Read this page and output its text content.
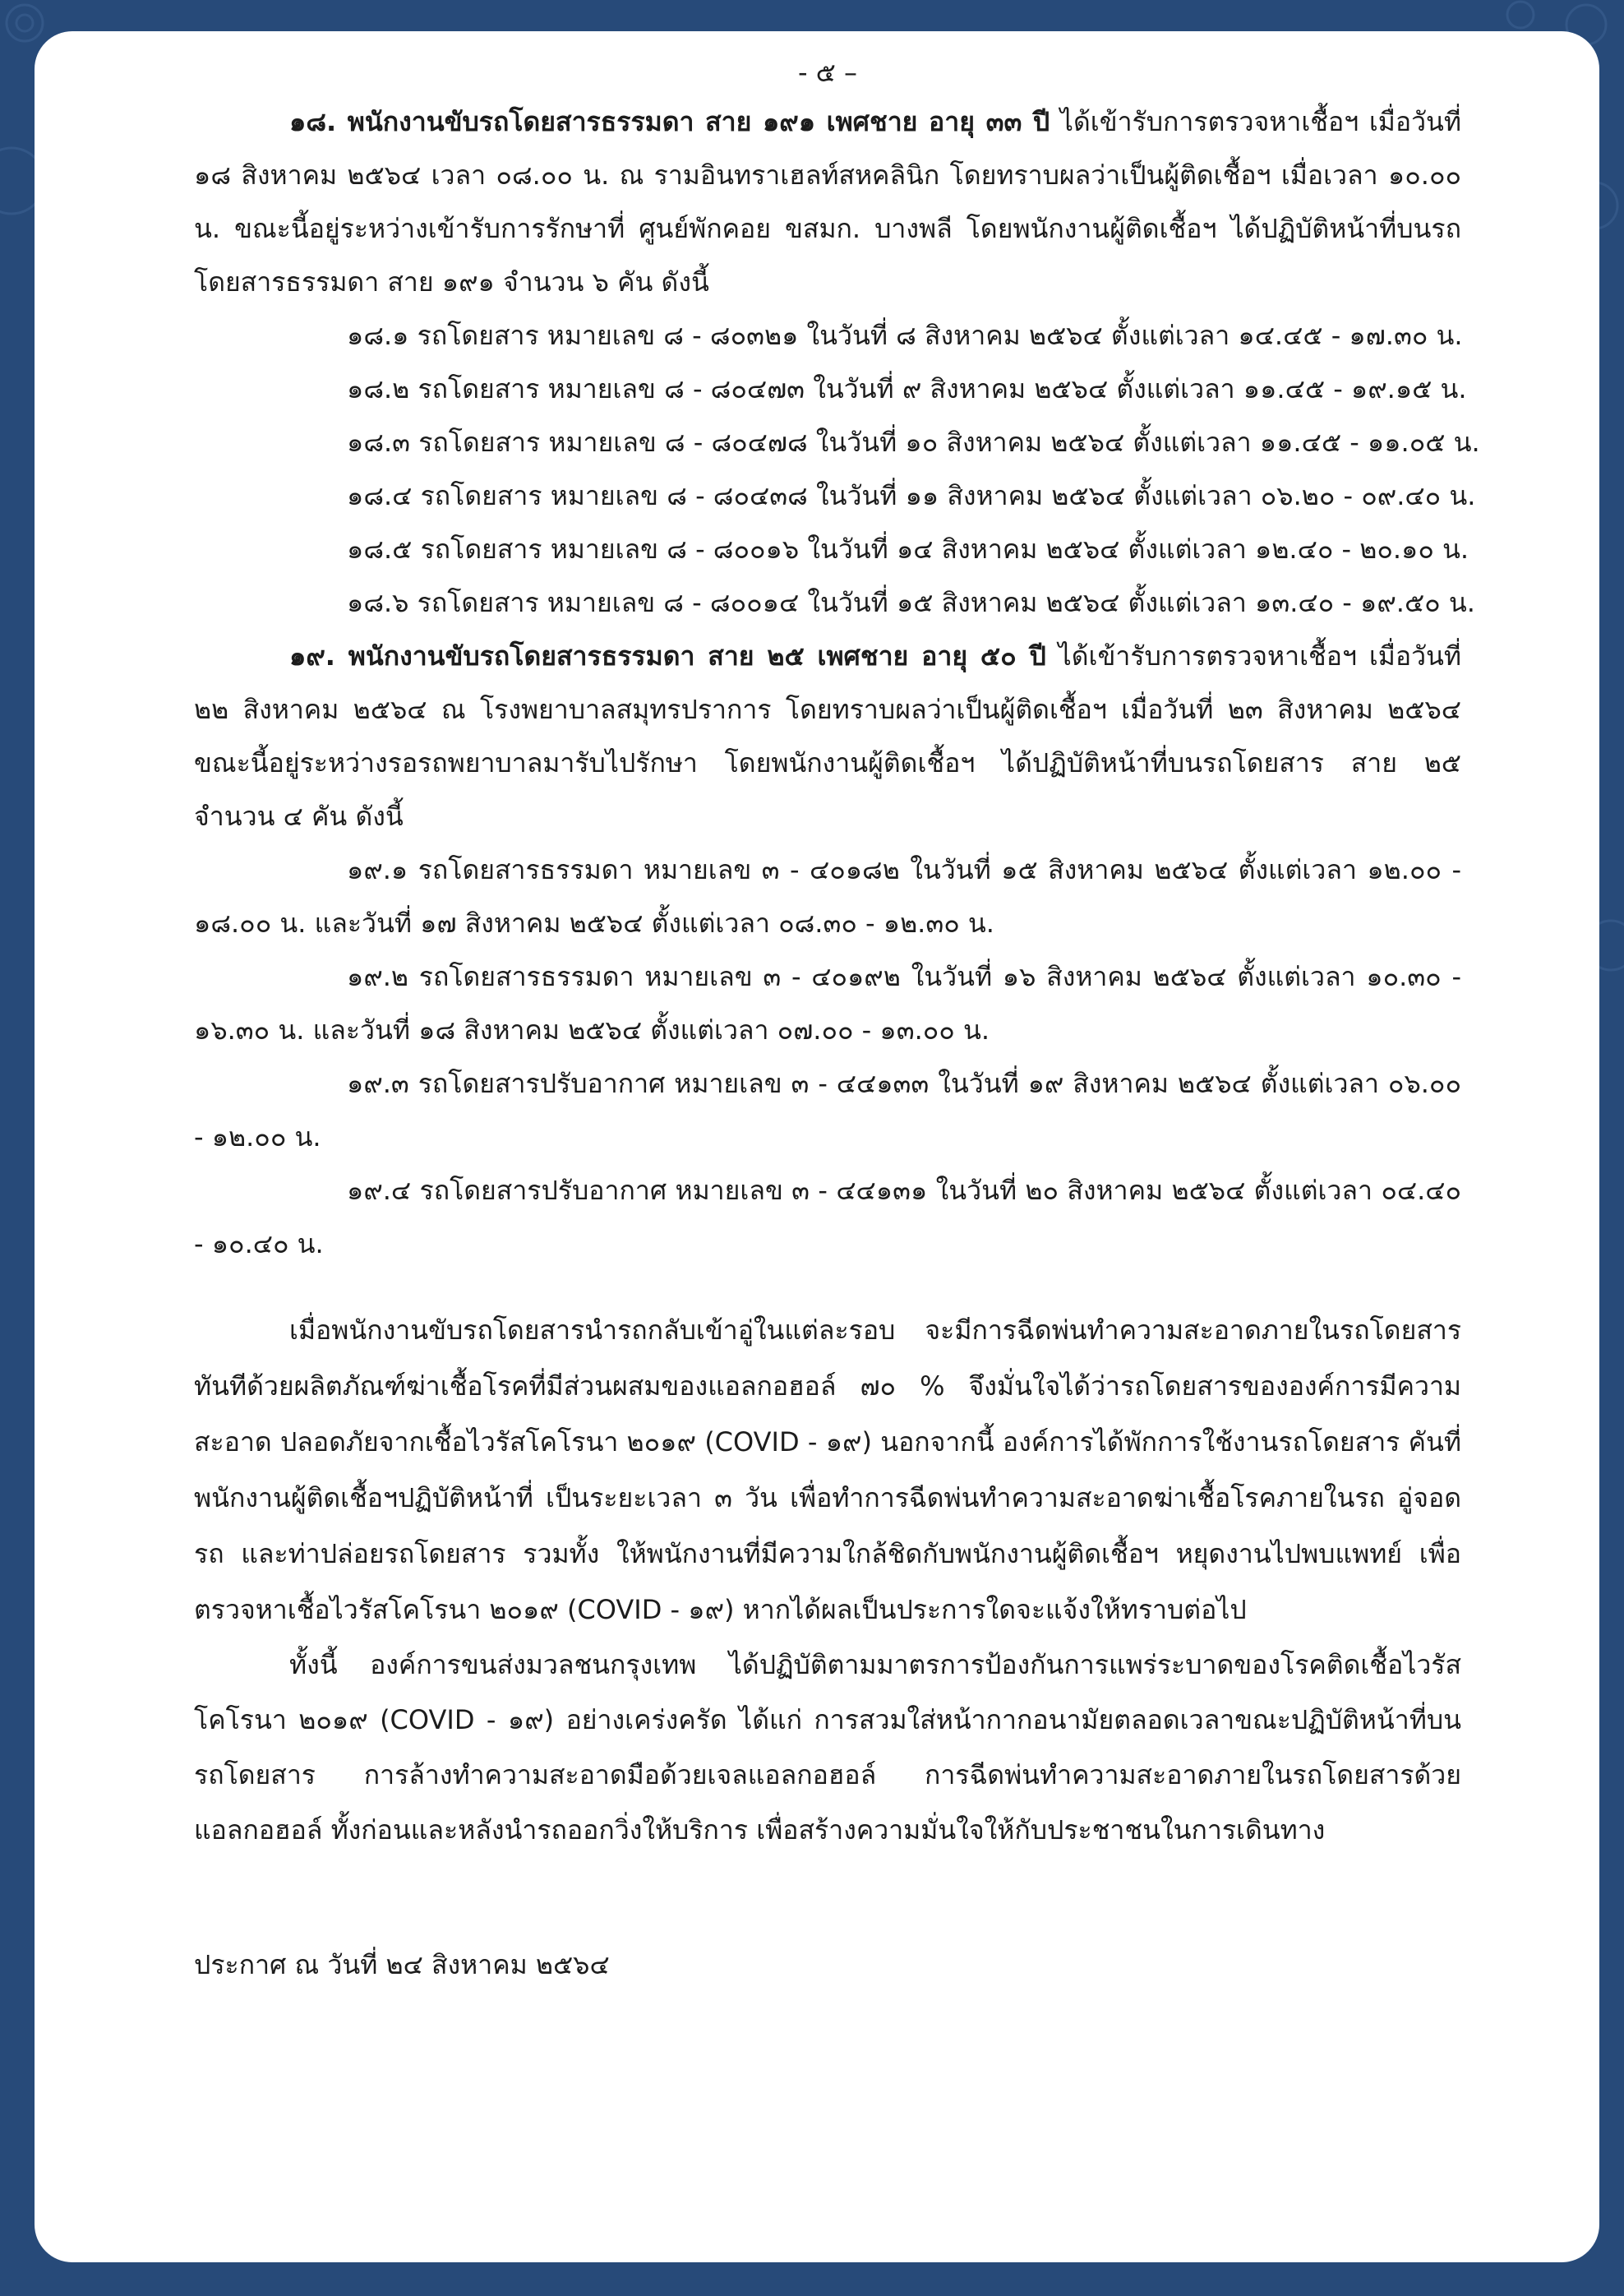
- ๕ –

๑๘. พนักงานขับรถโดยสารธรรมดา สาย ๑๙๑ เพศชาย อายุ ๓๓ ปี ได้เข้ารับการตรวจหาเชื้อฯ เมื่อวันที่ ๑๘ สิงหาคม ๒๕๖๔ เวลา ๐๘.๐๐ น. ณ รามอินทราเฮลท์สหคลินิก โดยทราบผลว่าเป็นผู้ติดเชื้อฯ เมื่อเวลา ๑๐.๐๐ น. ขณะนี้อยู่ระหว่างเข้ารับการรักษาที่ ศูนย์พักคอย ขสมก. บางพลี โดยพนักงานผู้ติดเชื้อฯ ได้ปฏิบัติหน้าที่บนรถโดยสารธรรมดา สาย ๑๙๑ จำนวน ๖ คัน ดังนี้

๑๘.๑ รถโดยสาร หมายเลข ๘ - ๘๐๓๒๑ ในวันที่ ๘ สิงหาคม ๒๕๖๔ ตั้งแต่เวลา ๑๔.๔๕ - ๑๗.๓๐ น.

๑๘.๒ รถโดยสาร หมายเลข ๘ - ๘๐๔๗๓ ในวันที่ ๙ สิงหาคม ๒๕๖๔ ตั้งแต่เวลา ๑๑.๔๕ - ๑๙.๑๕ น.

๑๘.๓ รถโดยสาร หมายเลข ๘ - ๘๐๔๗๘ ในวันที่ ๑๐ สิงหาคม ๒๕๖๔ ตั้งแต่เวลา ๑๑.๔๕ - ๑๑.๐๕ น.

๑๘.๔ รถโดยสาร หมายเลข ๘ - ๘๐๔๓๘ ในวันที่ ๑๑ สิงหาคม ๒๕๖๔ ตั้งแต่เวลา ๐๖.๒๐ - ๐๙.๔๐ น.

๑๘.๕ รถโดยสาร หมายเลข ๘ - ๘๐๐๑๖ ในวันที่ ๑๔ สิงหาคม ๒๕๖๔ ตั้งแต่เวลา ๑๒.๔๐ - ๒๐.๑๐ น.

๑๘.๖ รถโดยสาร หมายเลข ๘ - ๘๐๐๑๔ ในวันที่ ๑๕ สิงหาคม ๒๕๖๔ ตั้งแต่เวลา ๑๓.๔๐ - ๑๙.๕๐ น.

๑๙. พนักงานขับรถโดยสารธรรมดา สาย ๒๕ เพศชาย อายุ ๕๐ ปี ได้เข้ารับการตรวจหาเชื้อฯ เมื่อวันที่ ๒๒ สิงหาคม ๒๕๖๔ ณ โรงพยาบาลสมุทรปราการ โดยทราบผลว่าเป็นผู้ติดเชื้อฯ เมื่อวันที่ ๒๓ สิงหาคม ๒๕๖๔ ขณะนี้อยู่ระหว่างรอรถพยาบาลมารับไปรักษา โดยพนักงานผู้ติดเชื้อฯ ได้ปฏิบัติหน้าที่บนรถโดยสาร สาย ๒๕ จำนวน ๔ คัน ดังนี้

๑๙.๑ รถโดยสารธรรมดา หมายเลข ๓ - ๔๐๑๘๒ ในวันที่ ๑๕ สิงหาคม ๒๕๖๔ ตั้งแต่เวลา ๑๒.๐๐ - ๑๘.๐๐ น. และวันที่ ๑๗ สิงหาคม ๒๕๖๔ ตั้งแต่เวลา ๐๘.๓๐ - ๑๒.๓๐ น.

๑๙.๒ รถโดยสารธรรมดา หมายเลข ๓ - ๔๐๑๙๒ ในวันที่ ๑๖ สิงหาคม ๒๕๖๔ ตั้งแต่เวลา ๑๐.๓๐ - ๑๖.๓๐ น. และวันที่ ๑๘ สิงหาคม ๒๕๖๔ ตั้งแต่เวลา ๐๗.๐๐ - ๑๓.๐๐ น.

๑๙.๓ รถโดยสารปรับอากาศ หมายเลข ๓ - ๔๔๑๓๓ ในวันที่ ๑๙ สิงหาคม ๒๕๖๔ ตั้งแต่เวลา ๐๖.๐๐ - ๑๒.๐๐ น.

๑๙.๔ รถโดยสารปรับอากาศ หมายเลข ๓ - ๔๔๑๓๑ ในวันที่ ๒๐ สิงหาคม ๒๕๖๔ ตั้งแต่เวลา ๐๔.๔๐ - ๑๐.๔๐ น.

เมื่อพนักงานขับรถโดยสารนำรถกลับเข้าอู่ในแต่ละรอบ จะมีการฉีดพ่นทำความสะอาดภายในรถโดยสารทันทีด้วยผลิตภัณฑ์ฆ่าเชื้อโรคที่มีส่วนผสมของแอลกอฮอล์ ๗๐ % จึงมั่นใจได้ว่ารถโดยสารขององค์การมีความสะอาด ปลอดภัยจากเชื้อไวรัสโคโรนา ๒๐๑๙ (COVID - ๑๙) นอกจากนี้ องค์การได้พักการใช้งานรถโดยสาร คันที่พนักงานผู้ติดเชื้อฯปฏิบัติหน้าที่ เป็นระยะเวลา ๓ วัน เพื่อทำการฉีดพ่นทำความสะอาดฆ่าเชื้อโรคภายในรถ อู่จอดรถ และท่าปล่อยรถโดยสาร รวมทั้ง ให้พนักงานที่มีความใกล้ชิดกับพนักงานผู้ติดเชื้อฯ หยุดงานไปพบแพทย์ เพื่อตรวจหาเชื้อไวรัสโคโรนา ๒๐๑๙ (COVID - ๑๙) หากได้ผลเป็นประการใดจะแจ้งให้ทราบต่อไป

ทั้งนี้ องค์การขนส่งมวลชนกรุงเทพ ได้ปฏิบัติตามมาตรการป้องกันการแพร่ระบาดของโรคติดเชื้อไวรัสโคโรนา ๒๐๑๙ (COVID - ๑๙) อย่างเคร่งครัด ได้แก่ การสวมใส่หน้ากากอนามัยตลอดเวลาขณะปฏิบัติหน้าที่บนรถโดยสาร การล้างทำความสะอาดมือด้วยเจลแอลกอฮอล์ การฉีดพ่นทำความสะอาดภายในรถโดยสารด้วยแอลกอฮอล์ ทั้งก่อนและหลังนำรถออกวิ่งให้บริการ เพื่อสร้างความมั่นใจให้กับประชาชนในการเดินทาง

ประกาศ ณ วันที่ ๒๔ สิงหาคม ๒๕๖๔
